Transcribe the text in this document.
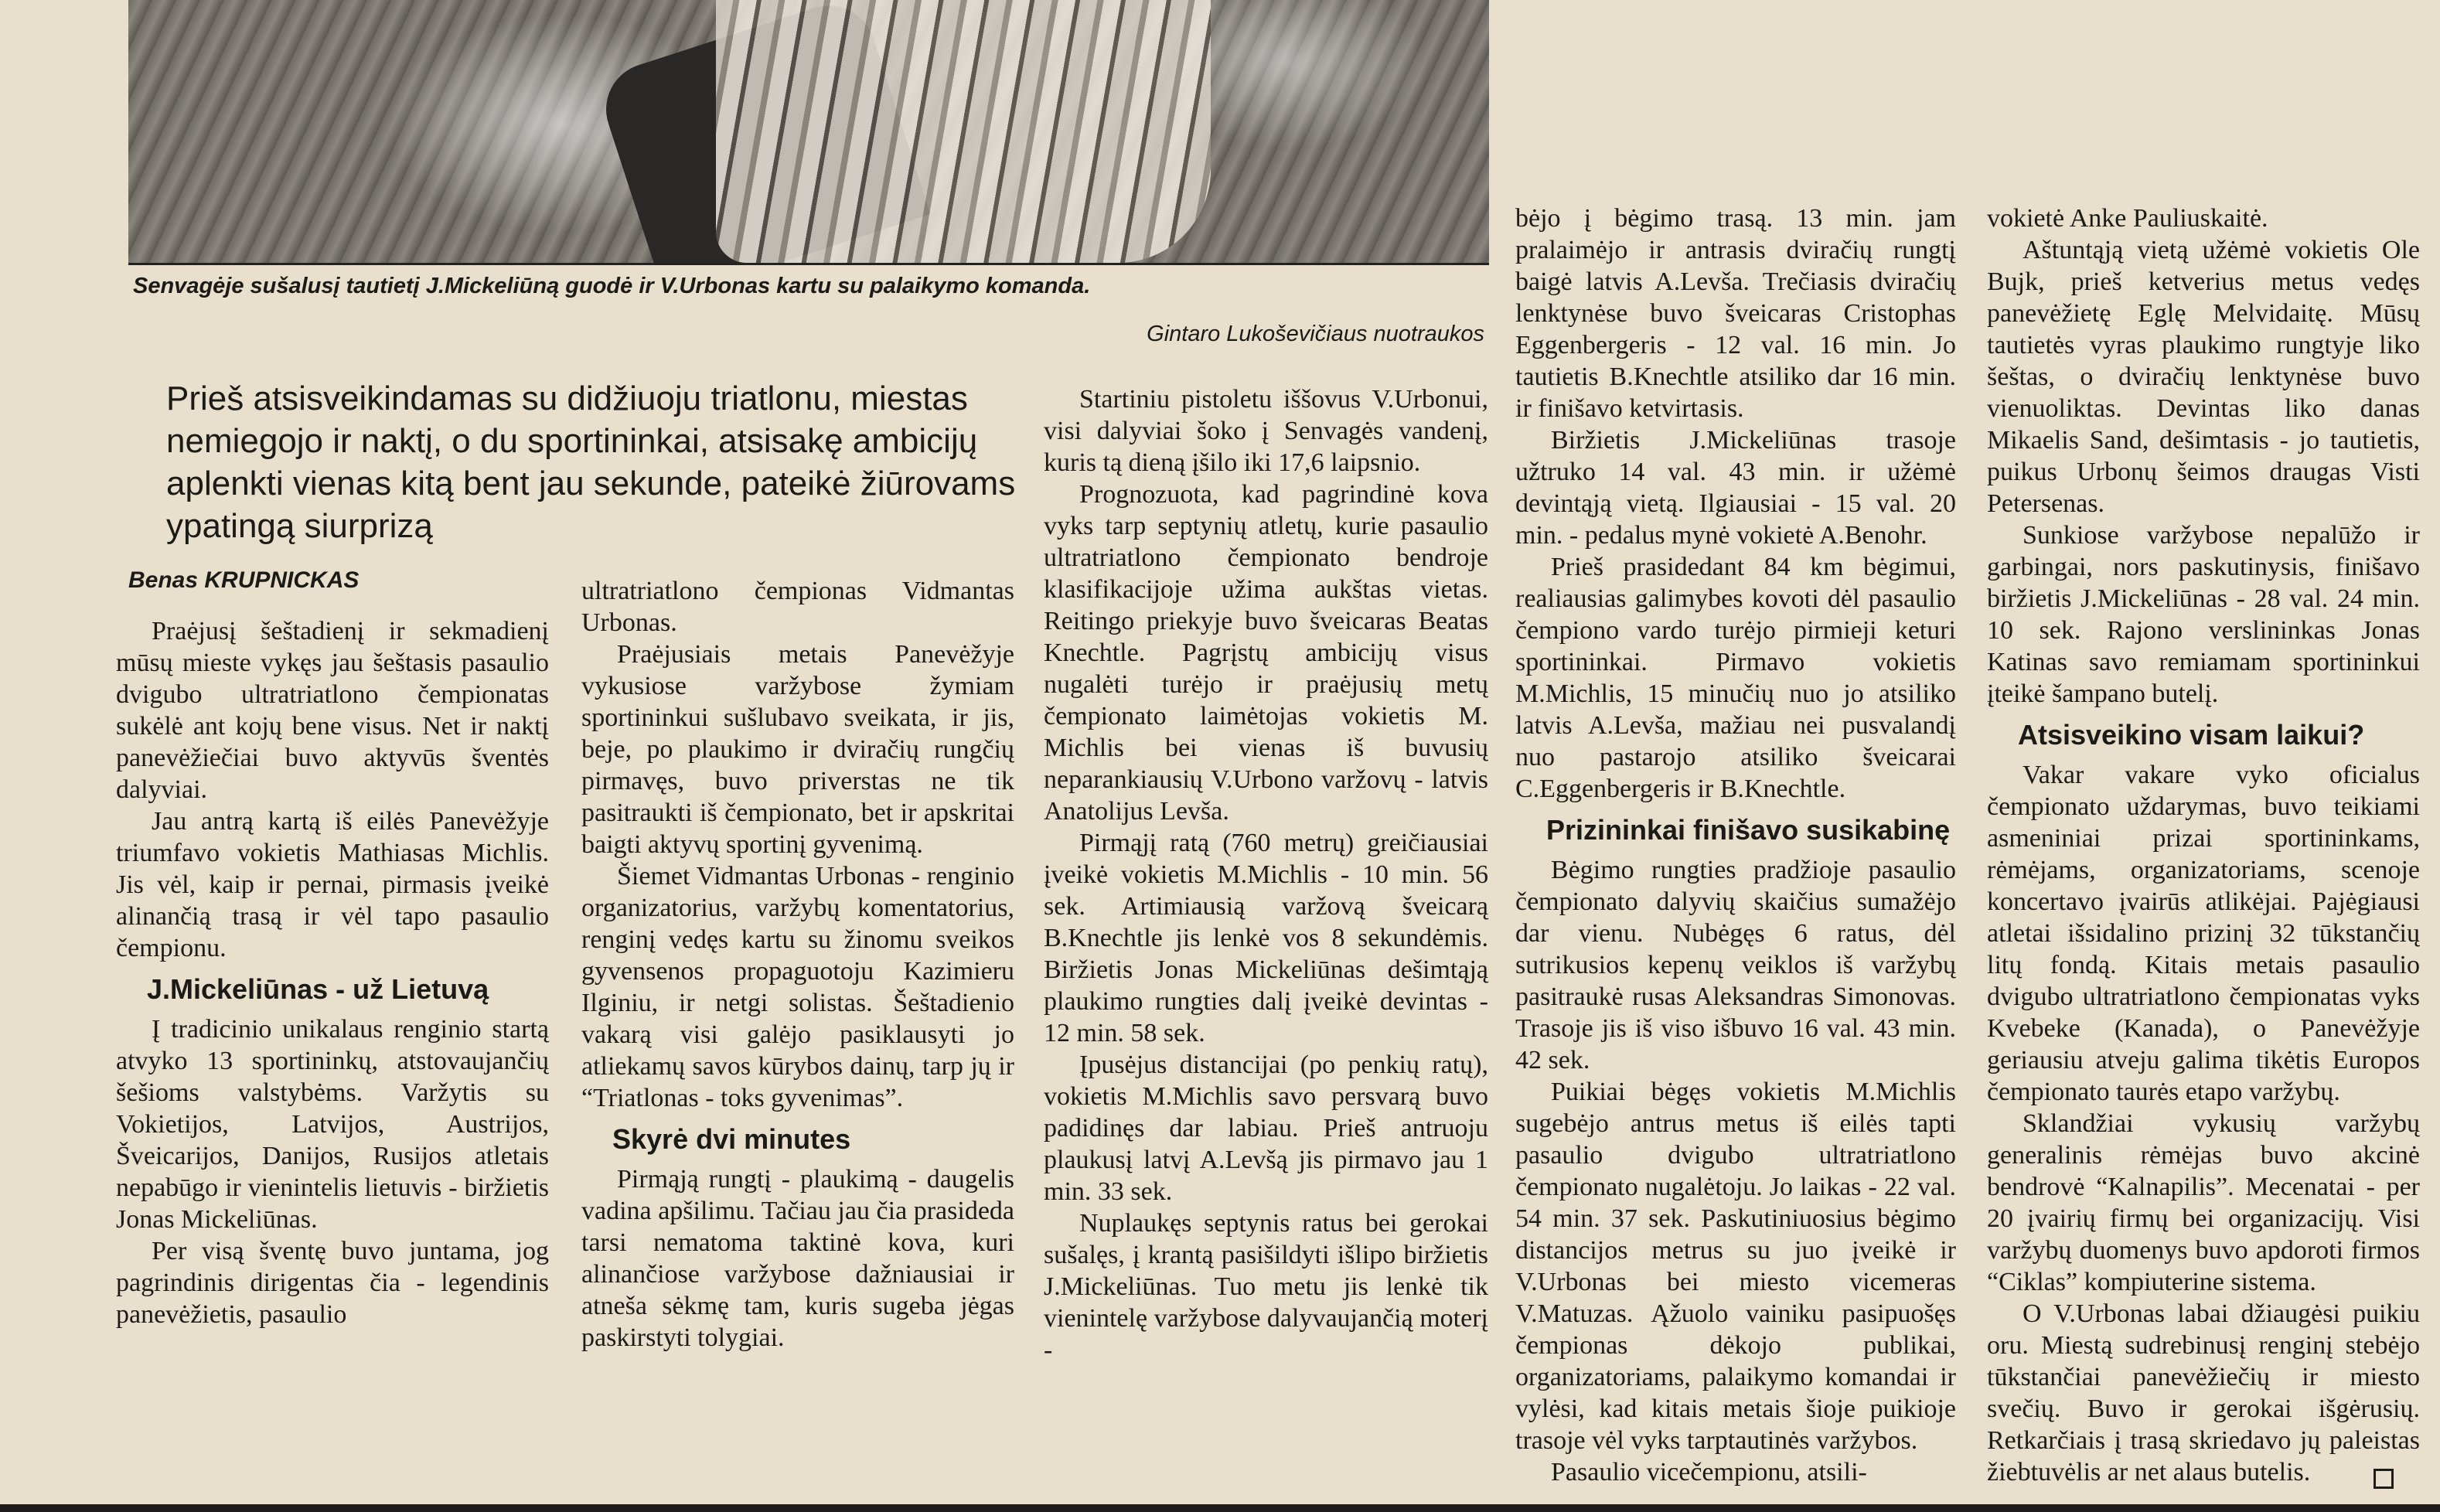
Senvagėje sušalusį tautietį J.Mickeliūną guodė ir V.Urbonas kartu su palaikymo komanda.
Gintaro Lukoševičiaus nuotraukos
Prieš atsisveikindamas su didžiuoju triatlonu, miestas nemiegojo ir naktį, o du sportininkai, atsisakę ambicijų aplenkti vienas kitą bent jau sekunde, pateikė žiūrovams ypatingą siurprizą
Benas KRUPNICKAS

Praėjusį šeštadienį ir sekmadienį mūsų mieste vykęs jau šeštasis pasaulio dvigubo ultratriatlono čempionatas sukėlė ant kojų bene visus. Net ir naktį panevėžiečiai buvo aktyvūs šventės dalyviai.

Jau antrą kartą iš eilės Panevėžyje triumfavo vokietis Mathiasas Michlis. Jis vėl, kaip ir pernai, pirmasis įveikė alinančią trasą ir vėl tapo pasaulio čempionu.

J.Mickeliūnas - už Lietuvą

Į tradicinio unikalaus renginio startą atvyko 13 sportininkų, atstovaujančių šešioms valstybėms. Varžytis su Vokietijos, Latvijos, Austrijos, Šveicarijos, Danijos, Rusijos atletais nepabūgo ir vienintelis lietuvis - biržietis Jonas Mickeliūnas.

Per visą šventę buvo juntama, jog pagrindinis dirigentas čia - legendinis panevėžietis, pasaulio

ultratriatlono čempionas Vidmantas Urbonas.

Praėjusiais metais Panevėžyje vykusiose varžybose žymiam sportininkui sušlubavo sveikata, ir jis, beje, po plaukimo ir dviračių rungčių pirmavęs, buvo priverstas ne tik pasitraukti iš čempionato, bet ir apskritai baigti aktyvų sportinį gyvenimą.

Šiemet Vidmantas Urbonas - renginio organizatorius, varžybų komentatorius, renginį vedęs kartu su žinomu sveikos gyvensenos propaguotoju Kazimieru Ilginiu, ir netgi solistas. Šeštadienio vakarą visi galėjo pasiklausyti jo atliekamų savos kūrybos dainų, tarp jų ir “Triatlonas - toks gyvenimas”.

Skyrė dvi minutes

Pirmąją rungtį - plaukimą - daugelis vadina apšilimu. Tačiau jau čia prasideda tarsi nematoma taktinė kova, kuri alinančiose varžybose dažniausiai ir atneša sėkmę tam, kuris sugeba jėgas paskirstyti tolygiai.

Startiniu pistoletu iššovus V.Urbonui, visi dalyviai šoko į Senvagės vandenį, kuris tą dieną įšilo iki 17,6 laipsnio.

Prognozuota, kad pagrindinė kova vyks tarp septynių atletų, kurie pasaulio ultratriatlono čempionato bendroje klasifikacijoje užima aukštas vietas. Reitingo priekyje buvo šveicaras Beatas Knechtle. Pagrįstų ambicijų visus nugalėti turėjo ir praėjusių metų čempionato laimėtojas vokietis M. Michlis bei vienas iš buvusių neparankiausių V.Urbono varžovų - latvis Anatolijus Levša.

Pirmąjį ratą (760 metrų) greičiausiai įveikė vokietis M.Michlis - 10 min. 56 sek. Artimiausią varžovą šveicarą B.Knechtle jis lenkė vos 8 sekundėmis. Biržietis Jonas Mickeliūnas dešimtąją plaukimo rungties dalį įveikė devintas - 12 min. 58 sek.

Įpusėjus distancijai (po penkių ratų), vokietis M.Michlis savo persvarą buvo padidinęs dar labiau. Prieš antruoju plaukusį latvį A.Levšą jis pirmavo jau 1 min. 33 sek.

Nuplaukęs septynis ratus bei gerokai sušalęs, į krantą pasišildyti išlipo biržietis J.Mickeliūnas. Tuo metu jis lenkė tik vienintelę varžybose dalyvaujančią moterį -

bėjo į bėgimo trasą. 13 min. jam pralaimėjo ir antrasis dviračių rungtį baigė latvis A.Levša. Trečiasis dviračių lenktynėse buvo šveicaras Cristophas Eggenbergeris - 12 val. 16 min. Jo tautietis B.Knechtle atsiliko dar 16 min. ir finišavo ketvirtasis.

Biržietis J.Mickeliūnas trasoje užtruko 14 val. 43 min. ir užėmė devintąją vietą. Ilgiausiai - 15 val. 20 min. - pedalus mynė vokietė A.Benohr.

Prieš prasidedant 84 km bėgimui, realiausias galimybes kovoti dėl pasaulio čempiono vardo turėjo pirmieji keturi sportininkai. Pirmavo vokietis M.Michlis, 15 minučių nuo jo atsiliko latvis A.Levša, mažiau nei pusvalandį nuo pastarojo atsiliko šveicarai C.Eggenbergeris ir B.Knechtle.

Prizininkai finišavo susikabinę

Bėgimo rungties pradžioje pasaulio čempionato dalyvių skaičius sumažėjo dar vienu. Nubėgęs 6 ratus, dėl sutrikusios kepenų veiklos iš varžybų pasitraukė rusas Aleksandras Simonovas. Trasoje jis iš viso išbuvo 16 val. 43 min. 42 sek.

Puikiai bėgęs vokietis M.Michlis sugebėjo antrus metus iš eilės tapti pasaulio dvigubo ultratriatlono čempionato nugalėtoju. Jo laikas - 22 val. 54 min. 37 sek. Paskutiniuosius bėgimo distancijos metrus su juo įveikė ir V.Urbonas bei miesto vicemeras V.Matuzas. Ąžuolo vainiku pasipuošęs čempionas dėkojo publikai, organizatoriams, palaikymo komandai ir vylėsi, kad kitais metais šioje puikioje trasoje vėl vyks tarptautinės varžybos.

Pasaulio vicečempionu, atsili-

vokietė Anke Pauliuskaitė.

Aštuntąją vietą užėmė vokietis Ole Bujk, prieš ketverius metus vedęs panevėžietę Eglę Melvidaitę. Mūsų tautietės vyras plaukimo rungtyje liko šeštas, o dviračių lenktynėse buvo vienuoliktas. Devintas liko danas Mikaelis Sand, dešimtasis - jo tautietis, puikus Urbonų šeimos draugas Visti Petersenas.

Sunkiose varžybose nepalūžo ir garbingai, nors paskutinysis, finišavo biržietis J.Mickeliūnas - 28 val. 24 min. 10 sek. Rajono verslininkas Jonas Katinas savo remiamam sportininkui įteikė šampano butelį.

Atsisveikino visam laikui?

Vakar vakare vyko oficialus čempionato uždarymas, buvo teikiami asmeniniai prizai sportininkams, rėmėjams, organizatoriams, scenoje koncertavo įvairūs atlikėjai. Pajėgiausi atletai išsidalino prizinį 32 tūkstančių litų fondą. Kitais metais pasaulio dvigubo ultratriatlono čempionatas vyks Kvebeke (Kanada), o Panevėžyje geriausiu atveju galima tikėtis Europos čempionato taurės etapo varžybų.

Sklandžiai vykusių varžybų generalinis rėmėjas buvo akcinė bendrovė “Kalnapilis”. Mecenatai - per 20 įvairių firmų bei organizacijų. Visi varžybų duomenys buvo apdoroti firmos “Ciklas” kompiuterine sistema.

O V.Urbonas labai džiaugėsi puikiu oru. Miestą sudrebinusį renginį stebėjo tūkstančiai panevėžiečių ir miesto svečių. Buvo ir gerokai išgėrusių. Retkarčiais į trasą skriedavo jų paleistas žiebtuvėlis ar net alaus butelis.
